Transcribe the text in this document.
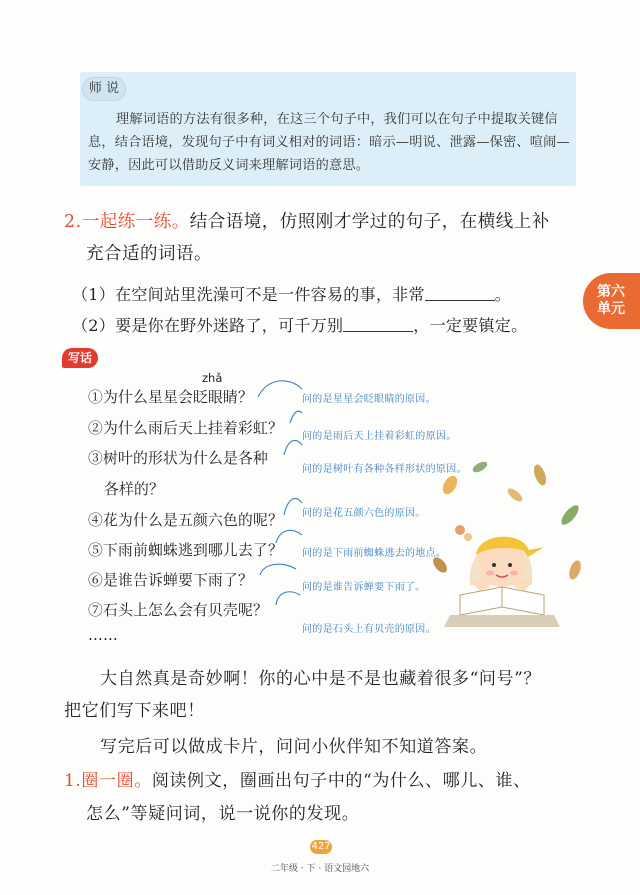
师 说
理解词语的方法有很多种，在这三个句子中，我们可以在句子中提取关键信息，结合语境，发现句子中有词义相对的词语：暗示—明说、泄露—保密、喧闹—安静，因此可以借助反义词来理解词语的意思。
2.一起练一练。结合语境，仿照刚才学过的句子，在横线上补
充合适的词语。
（1）在空间站里洗澡可不是一件容易的事，非常	。
（2）要是你在野外迷路了，可千万别	，一定要镇定。
第六
单元
写话
zhǎ
①为什么星星会眨眼睛？
②为什么雨后天上挂着彩虹？
③树叶的形状为什么是各种
各样的？
④花为什么是五颜六色的呢？
⑤下雨前蜘蛛逃到哪儿去了？
⑥是谁告诉蝉要下雨了？
⑦石头上怎么会有贝壳呢？
……
问的是星星会眨眼睛的原因。
问的是雨后天上挂着彩虹的原因。
问的是树叶有各种各样形状的原因。
问的是花五颜六色的原因。
问的是下雨前蜘蛛逃去的地点。
问的是谁告诉蝉要下雨了。
问的是石头上有贝壳的原因。
大自然真是奇妙啊！你的心中是不是也藏着很多“问号”？
把它们写下来吧！
写完后可以做成卡片，问问小伙伴知不知道答案。
1.圈一圈。阅读例文，圈画出句子中的“为什么、哪儿、谁、
怎么”等疑问词，说一说你的发现。
427
二年级 · 下 · 语文园地六
